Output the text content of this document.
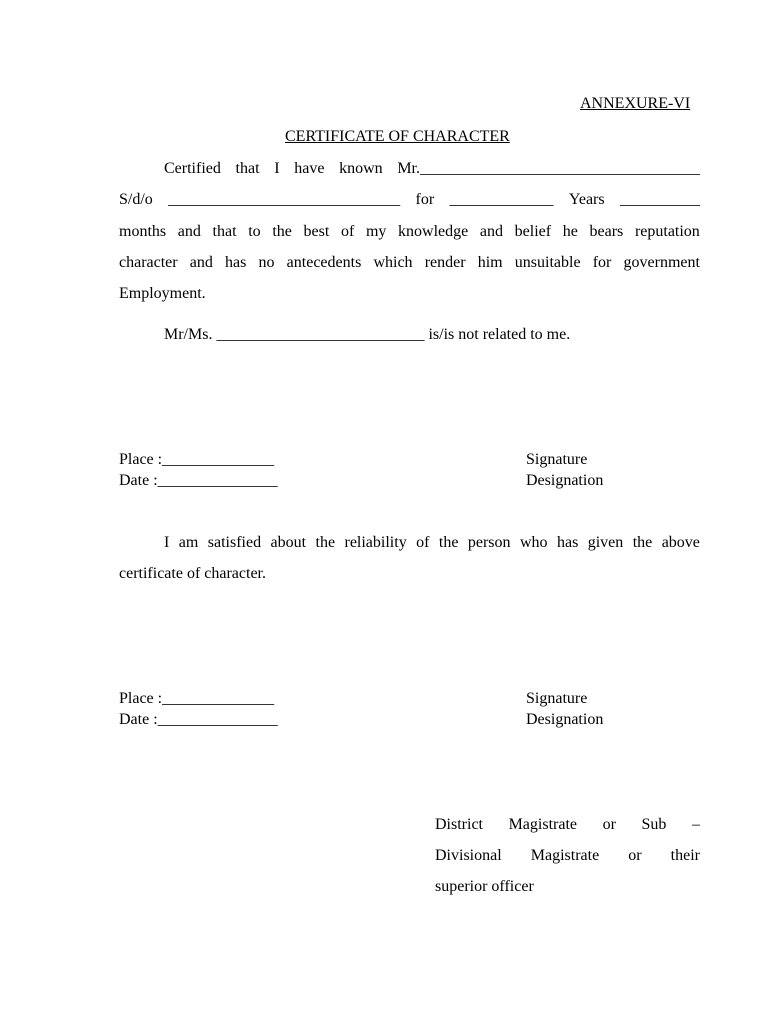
ANNEXURE-VI
CERTIFICATE OF CHARACTER
Certified that I have known Mr.___________________________________
S/d/o _____________________________ for _____________ Years __________
months and that to the best of my knowledge and belief he bears reputation
character and has no antecedents which render him unsuitable for government
Employment.
Mr/Ms. __________________________ is/is not related to me.
Place :______________
Date :_______________
Signature
Designation
I am satisfied about the reliability of the person who has given the above
certificate of character.
Place :______________
Date :_______________
Signature
Designation
District Magistrate or Sub –
Divisional Magistrate or their
superior officer
